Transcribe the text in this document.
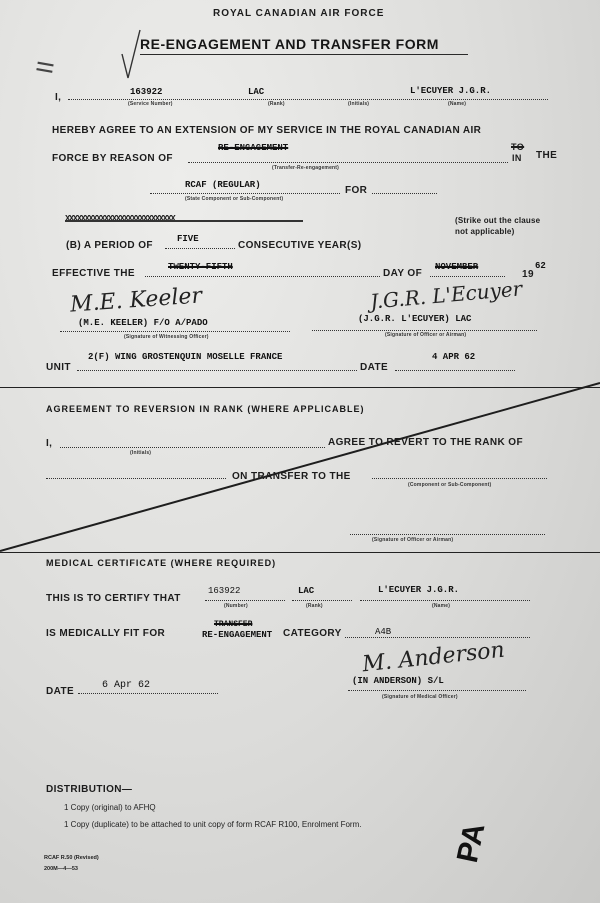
ROYAL CANADIAN AIR FORCE
II
RE-ENGAGEMENT AND TRANSFER FORM
I,	163922	LAC	L'ECUYER J.G.R.
(Service Number)	(Rank)	(Initials)	(Name)
HEREBY AGREE TO AN EXTENSION OF MY SERVICE IN THE ROYAL CANADIAN AIR
FORCE BY REASON OF
RE-ENGAGEMENT
(Transfer-Re-engagement)
TO
IN THE
RCAF (REGULAR)	FOR
(State Component or Sub-Component)
XXXXXXXXXXXXXXXXXXXXXXXXXXXX	(Strike out the clause
not applicable)
(B) A PERIOD OF
FIVE
CONSECUTIVE YEAR(S)
EFFECTIVE THE
TWENTY-FIFTH
DAY OF
NOVEMBER
19
62
M.E. Keeler	J.G.R. L'Ecuyer
(M.E. KEELER) F/O A/PADO	(J.G.R. L'ECUYER) LAC
(Signature of Witnessing Officer)	(Signature of Officer or Airman)
UNIT
2(F) WING GROSTENQUIN MOSELLE FRANCE
DATE
4 APR 62
AGREEMENT TO REVERSION IN RANK (WHERE APPLICABLE)
I,
(Initials)
AGREE TO REVERT TO THE RANK OF
ON TRANSFER TO THE
(Component or Sub-Component)
(Signature of Officer or Airman)
MEDICAL CERTIFICATE (WHERE REQUIRED)
THIS IS TO CERTIFY THAT
163922	LAC	L'ECUYER J.G.R.
(Number)	(Rank)	(Name)
IS MEDICALLY FIT FOR
TRANSFER
RE-ENGAGEMENT CATEGORY	A4B
M. Anderson
DATE
6 Apr 62	(IN ANDERSON) S/L
(Signature of Medical Officer)
DISTRIBUTION—
1 Copy (original) to AFHQ
1 Copy (duplicate) to be attached to unit copy of form RCAF R100, Enrolment Form.
RCAF R.50 (Revised)
200M—4—53
PA
